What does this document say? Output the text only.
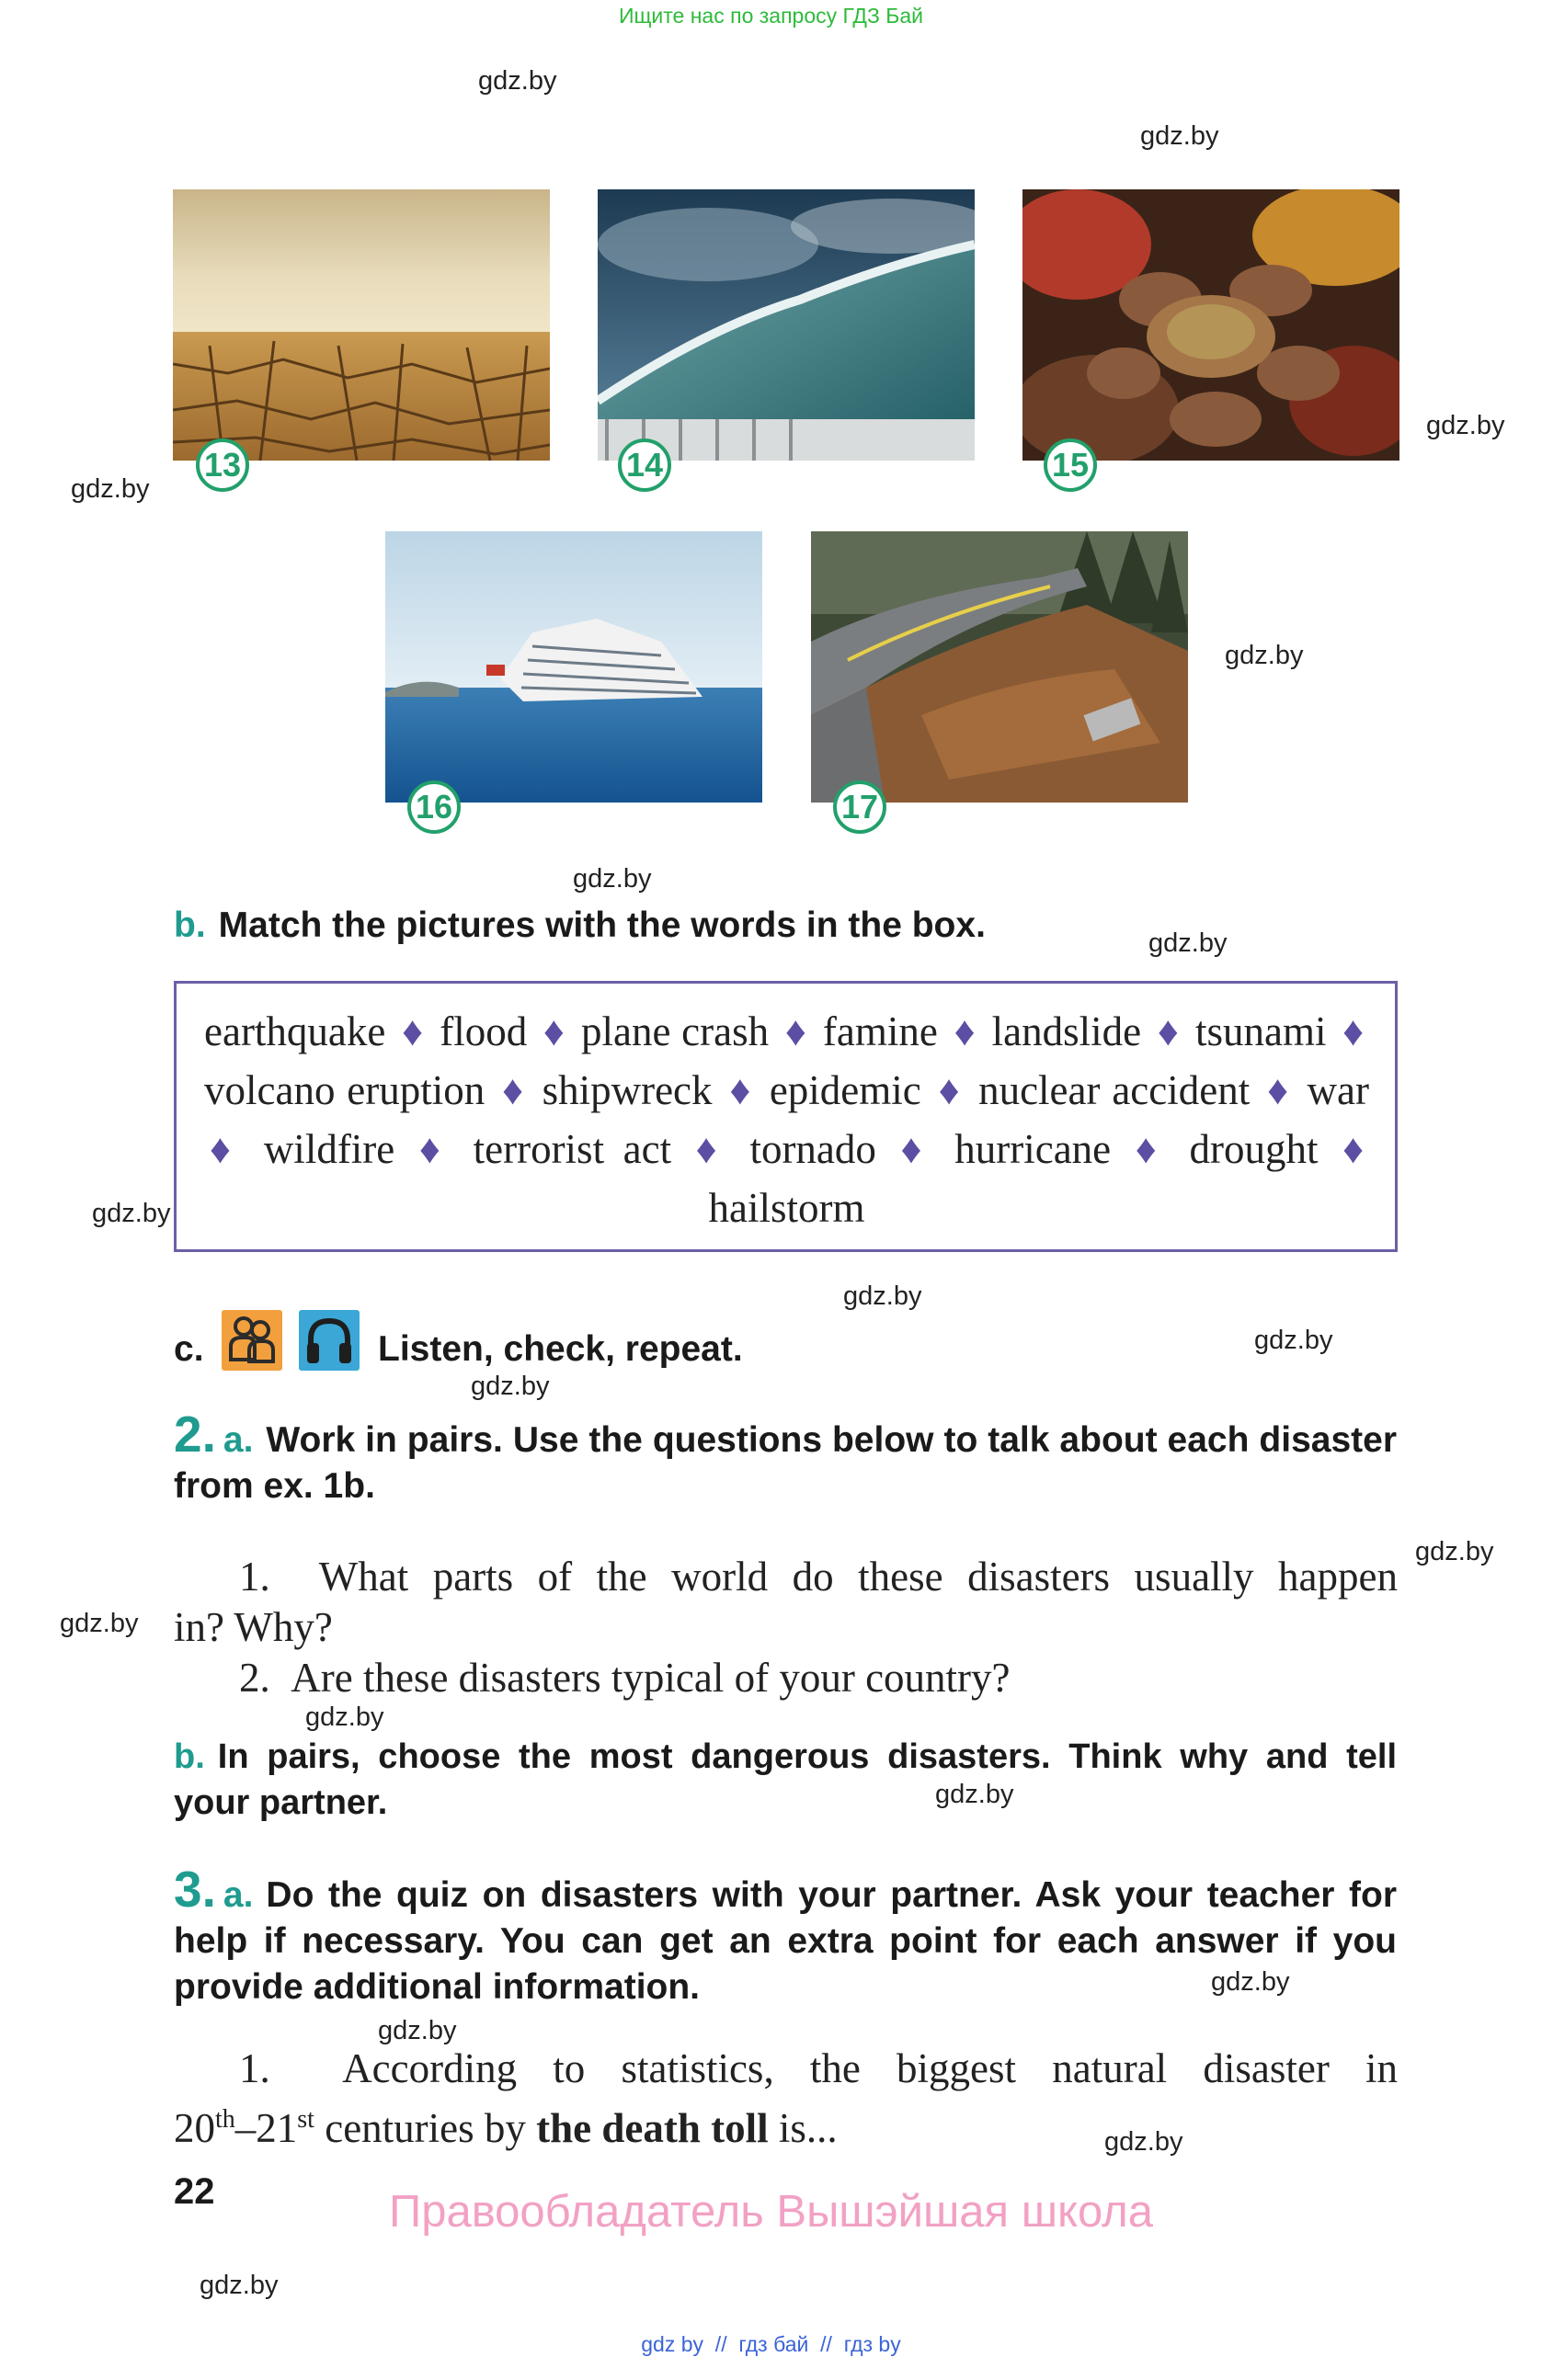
Ищите нас по запросу ГДЗ Бай
gdz.by
gdz.by
gdz.by
gdz.by
gdz.by
gdz.by
gdz.by
gdz.by
gdz.by
gdz.by
gdz.by
gdz.by
gdz.by
gdz.by
gdz.by
gdz.by
gdz.by
gdz.by
gdz.by
13	14	15
16	17
b. Match the pictures with the words in the box.
earthquake ♦ flood ♦ plane crash ♦ famine ♦ landslide ♦ tsunami ♦ volcano eruption ♦ shipwreck ♦ epidemic ♦ nuclear accident ♦ war ♦ wildfire ♦ terrorist act ♦ tornado ♦ hurricane ♦ drought ♦ hailstorm
c.	Listen, check, repeat.
2. a. Work in pairs. Use the questions below to talk about each disaster from ex. 1b.
1. What parts of the world do these disasters usually happen
in? Why?
2. Are these disasters typical of your country?
b. In pairs, choose the most dangerous disasters. Think why and tell your partner.
3. a. Do the quiz on disasters with your partner. Ask your teacher for help if necessary. You can get an extra point for each answer if you provide additional information.
1. According to statistics, the biggest natural disaster in
20th–21st centuries by the death toll is...
22	Правообладатель Вышэйшая школа
gdz by  //  гдз бай  //  гдз by
